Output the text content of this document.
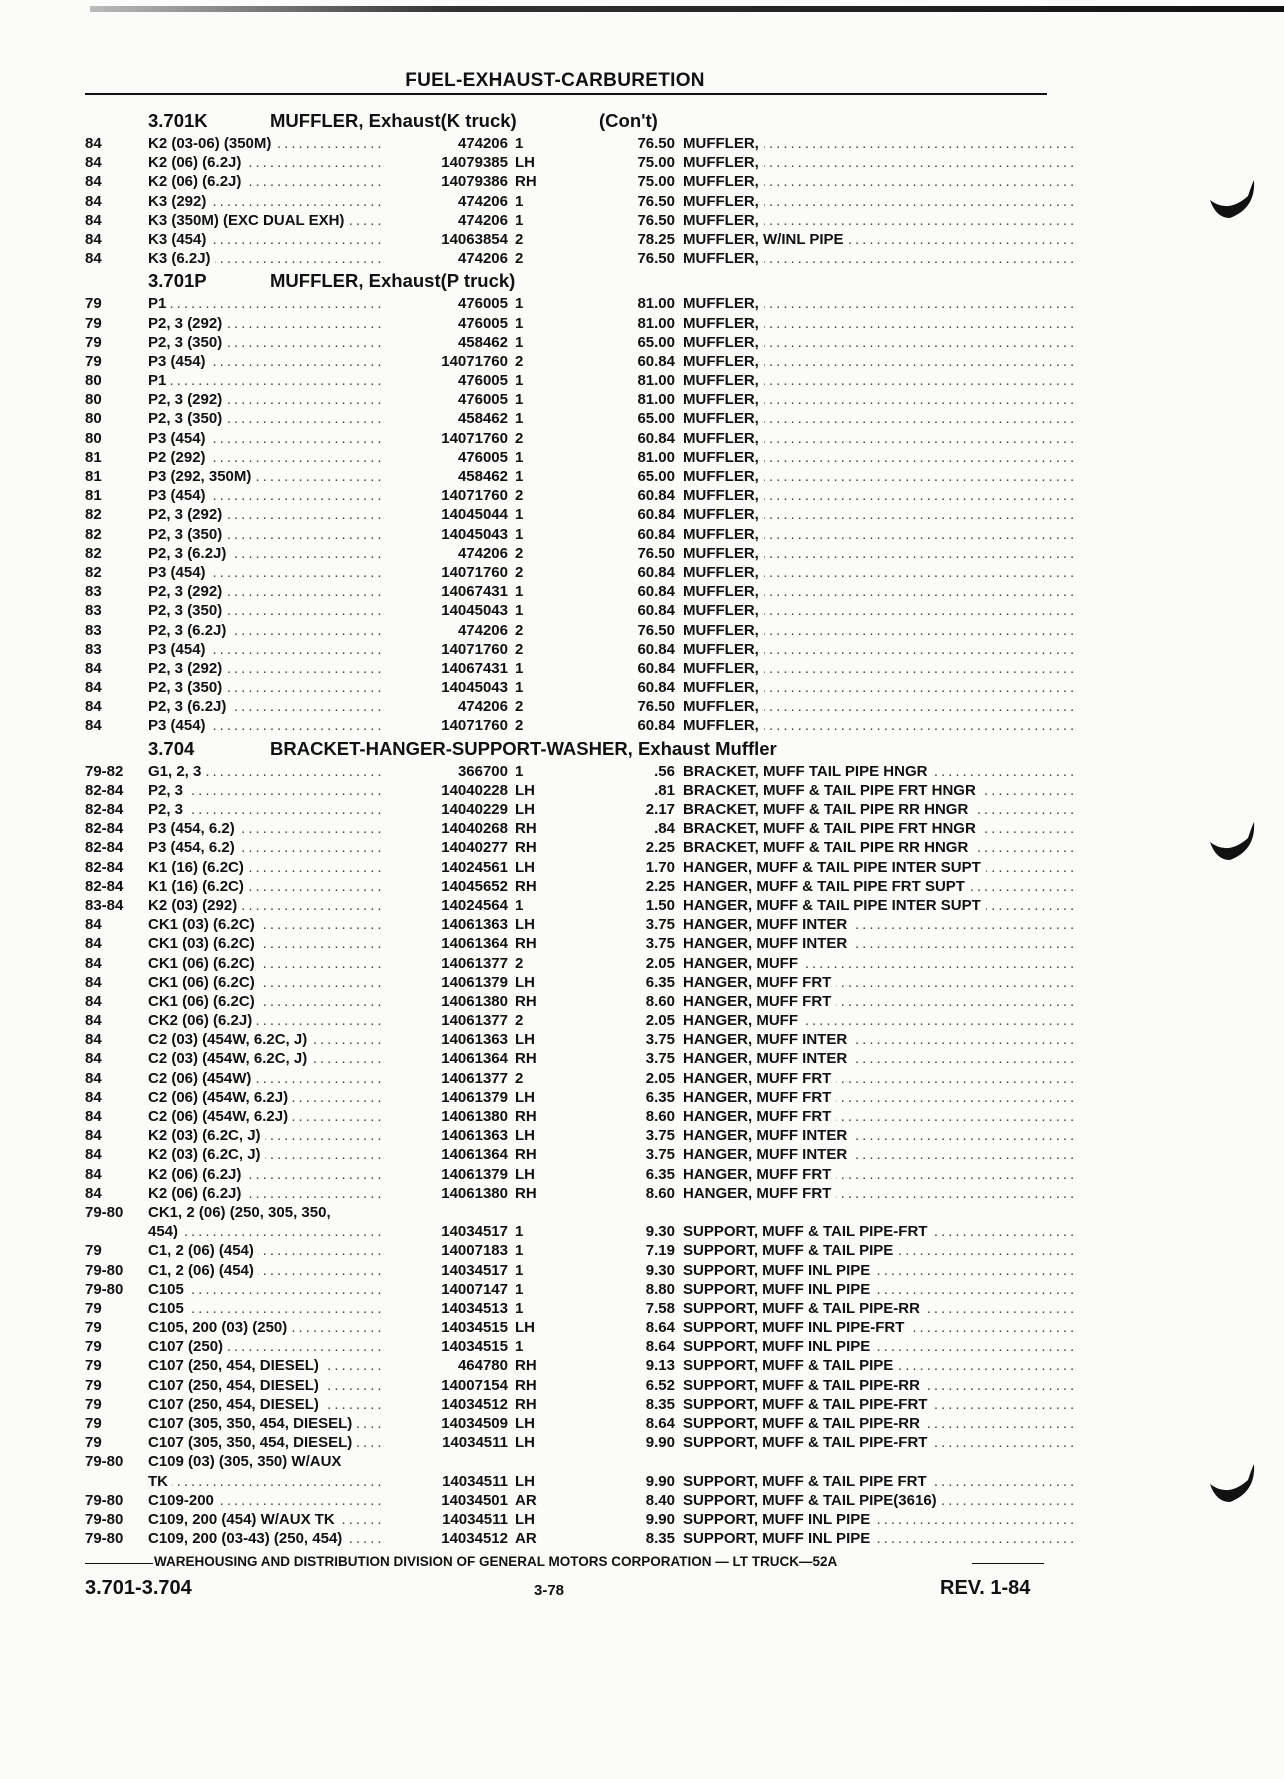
FUEL-EXHAUST-CARBURETION
3.701K	MUFFLER, Exhaust(K truck)	(Con't)
84	K2 (03-06) (350M) .....	474206 1	76.50 MUFFLER, .....
84	K2 (06) (6.2J) .....	14079385 LH	75.00 MUFFLER, .....
84	K2 (06) (6.2J) .....	14079386 RH	75.00 MUFFLER, .....
84	K3 (292) .....	474206 1	76.50 MUFFLER, .....
84	K3 (350M) (EXC DUAL EXH) .....	474206 1	76.50 MUFFLER, .....
84	K3 (454) .....	14063854 2	78.25 MUFFLER, W/INL PIPE .....
84	K3 (6.2J) .....	474206 2	76.50 MUFFLER, .....
3.701P	MUFFLER, Exhaust(P truck)
79	P1 .....	476005 1	81.00 MUFFLER, .....
79	P2, 3 (292) .....	476005 1	81.00 MUFFLER, .....
79	P2, 3 (350) .....	458462 1	65.00 MUFFLER, .....
79	P3 (454) .....	14071760 2	60.84 MUFFLER, .....
80	P1 .....	476005 1	81.00 MUFFLER, .....
80	P2, 3 (292) .....	476005 1	81.00 MUFFLER, .....
80	P2, 3 (350) .....	458462 1	65.00 MUFFLER, .....
80	P3 (454) .....	14071760 2	60.84 MUFFLER, .....
81	P2 (292) .....	476005 1	81.00 MUFFLER, .....
81	P3 (292, 350M) .....	458462 1	65.00 MUFFLER, .....
81	P3 (454) .....	14071760 2	60.84 MUFFLER, .....
82	P2, 3 (292) .....	14045044 1	60.84 MUFFLER, .....
82	P2, 3 (350) .....	14045043 1	60.84 MUFFLER, .....
82	P2, 3 (6.2J) .....	474206 2	76.50 MUFFLER, .....
82	P3 (454) .....	14071760 2	60.84 MUFFLER, .....
83	P2, 3 (292) .....	14067431 1	60.84 MUFFLER, .....
83	P2, 3 (350) .....	14045043 1	60.84 MUFFLER, .....
83	P2, 3 (6.2J) .....	474206 2	76.50 MUFFLER, .....
83	P3 (454) .....	14071760 2	60.84 MUFFLER, .....
84	P2, 3 (292) .....	14067431 1	60.84 MUFFLER, .....
84	P2, 3 (350) .....	14045043 1	60.84 MUFFLER, .....
84	P2, 3 (6.2J) .....	474206 2	76.50 MUFFLER, .....
84	P3 (454) .....	14071760 2	60.84 MUFFLER, .....
3.704	BRACKET-HANGER-SUPPORT-WASHER, Exhaust Muffler
79-82	G1, 2, 3 .....	366700 1	.56 BRACKET, MUFF TAIL PIPE HNGR .....
82-84	P2, 3 .....	14040228 LH	.81 BRACKET, MUFF & TAIL PIPE FRT HNGR .....
82-84	P2, 3 .....	14040229 LH	2.17 BRACKET, MUFF & TAIL PIPE RR HNGR .....
82-84	P3 (454, 6.2) .....	14040268 RH	.84 BRACKET, MUFF & TAIL PIPE FRT HNGR .....
82-84	P3 (454, 6.2) .....	14040277 RH	2.25 BRACKET, MUFF & TAIL PIPE RR HNGR .....
82-84	K1 (16) (6.2C) .....	14024561 LH	1.70 HANGER, MUFF & TAIL PIPE INTER SUPT .....
82-84	K1 (16) (6.2C) .....	14045652 RH	2.25 HANGER, MUFF & TAIL PIPE FRT SUPT .....
83-84	K2 (03) (292) .....	14024564 1	1.50 HANGER, MUFF & TAIL PIPE INTER SUPT .....
84	CK1 (03) (6.2C) .....	14061363 LH	3.75 HANGER, MUFF INTER .....
84	CK1 (03) (6.2C) .....	14061364 RH	3.75 HANGER, MUFF INTER .....
84	CK1 (06) (6.2C) .....	14061377 2	2.05 HANGER, MUFF .....
84	CK1 (06) (6.2C) .....	14061379 LH	6.35 HANGER, MUFF FRT .....
84	CK1 (06) (6.2C) .....	14061380 RH	8.60 HANGER, MUFF FRT .....
84	CK2 (06) (6.2J) .....	14061377 2	2.05 HANGER, MUFF .....
84	C2 (03) (454W, 6.2C, J) .....	14061363 LH	3.75 HANGER, MUFF INTER .....
84	C2 (03) (454W, 6.2C, J) .....	14061364 RH	3.75 HANGER, MUFF INTER .....
84	C2 (06) (454W) .....	14061377 2	2.05 HANGER, MUFF FRT .....
84	C2 (06) (454W, 6.2J) .....	14061379 LH	6.35 HANGER, MUFF FRT .....
84	C2 (06) (454W, 6.2J) .....	14061380 RH	8.60 HANGER, MUFF FRT .....
84	K2 (03) (6.2C, J) .....	14061363 LH	3.75 HANGER, MUFF INTER .....
84	K2 (03) (6.2C, J) .....	14061364 RH	3.75 HANGER, MUFF INTER .....
84	K2 (06) (6.2J) .....	14061379 LH	6.35 HANGER, MUFF FRT .....
84	K2 (06) (6.2J) .....	14061380 RH	8.60 HANGER, MUFF FRT .....
79-80	CK1, 2 (06) (250, 305, 350,
454) .....	14034517 1	9.30 SUPPORT, MUFF & TAIL PIPE-FRT .....
79	C1, 2 (06) (454) .....	14007183 1	7.19 SUPPORT, MUFF & TAIL PIPE .....
79-80	C1, 2 (06) (454) .....	14034517 1	9.30 SUPPORT, MUFF INL PIPE .....
79-80	C105 .....	14007147 1	8.80 SUPPORT, MUFF INL PIPE .....
79	C105 .....	14034513 1	7.58 SUPPORT, MUFF & TAIL PIPE-RR .....
79	C105, 200 (03) (250) .....	14034515 LH	8.64 SUPPORT, MUFF INL PIPE-FRT .....
79	C107 (250) .....	14034515 1	8.64 SUPPORT, MUFF INL PIPE .....
79	C107 (250, 454, DIESEL) .....	464780 RH	9.13 SUPPORT, MUFF & TAIL PIPE .....
79	C107 (250, 454, DIESEL) .....	14007154 RH	6.52 SUPPORT, MUFF & TAIL PIPE-RR .....
79	C107 (250, 454, DIESEL) .....	14034512 RH	8.35 SUPPORT, MUFF & TAIL PIPE-FRT .....
79	C107 (305, 350, 454, DIESEL) .....	14034509 LH	8.64 SUPPORT, MUFF & TAIL PIPE-RR .....
79	C107 (305, 350, 454, DIESEL) .....	14034511 LH	9.90 SUPPORT, MUFF & TAIL PIPE-FRT .....
79-80	C109 (03) (305, 350) W/AUX
TK .....	14034511 LH	9.90 SUPPORT, MUFF & TAIL PIPE FRT .....
79-80	C109-200 .....	14034501 AR	8.40 SUPPORT, MUFF & TAIL PIPE(3616) .....
79-80	C109, 200 (454) W/AUX TK .....	14034511 LH	9.90 SUPPORT, MUFF INL PIPE .....
79-80	C109, 200 (03-43) (250, 454) .....	14034512 AR	8.35 SUPPORT, MUFF INL PIPE .....
WAREHOUSING AND DISTRIBUTION DIVISION OF GENERAL MOTORS CORPORATION — LT TRUCK—52A
3.701-3.704	3-78	REV. 1-84
